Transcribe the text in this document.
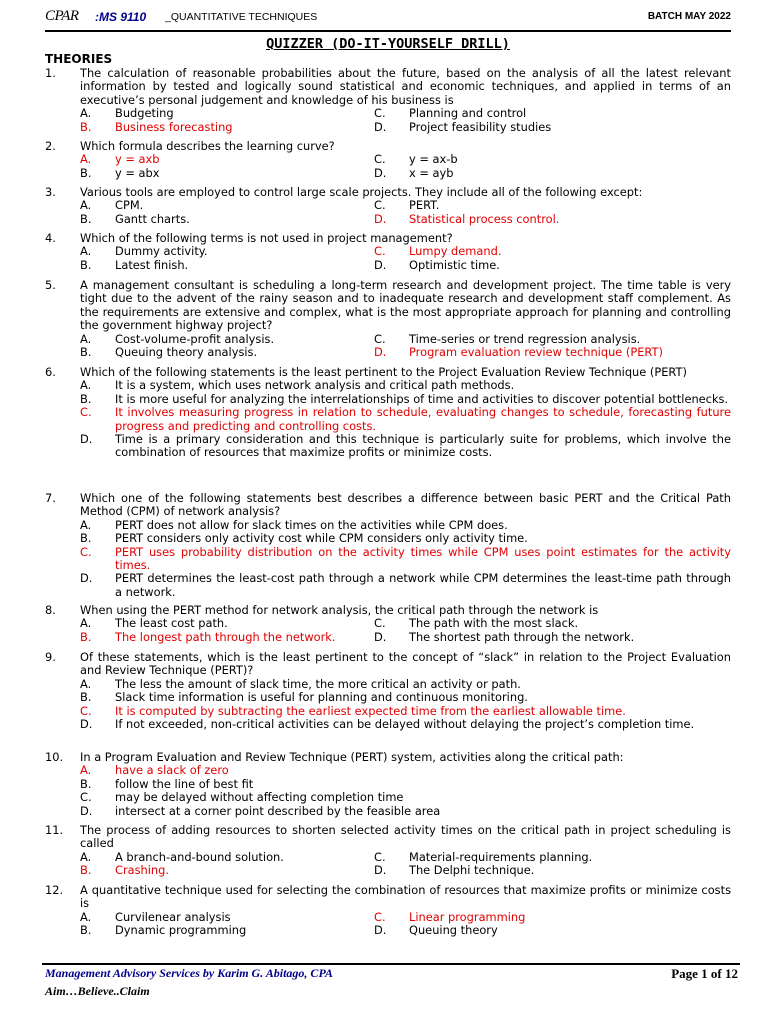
CPAR :MS 9110 _QUANTITATIVE TECHNIQUES	BATCH MAY 2022
QUIZZER (DO-IT-YOURSELF DRILL)
THEORIES
1. The calculation of reasonable probabilities about the future, based on the analysis of all the latest relevant information by tested and logically sound statistical and economic techniques, and applied in terms of an executive’s personal judgement and knowledge of his business is
A. Budgeting	C. Planning and control
B. Business forecasting	D. Project feasibility studies
2. Which formula describes the learning curve?
A. y = axb	C. y = ax-b
B. y = abx	D. x = ayb
3. Various tools are employed to control large scale projects. They include all of the following except:
A. CPM.	C. PERT.
B. Gantt charts.	D. Statistical process control.
4. Which of the following terms is not used in project management?
A. Dummy activity.	C. Lumpy demand.
B. Latest finish.	D. Optimistic time.
5. A management consultant is scheduling a long-term research and development project. The time table is very tight due to the advent of the rainy season and to inadequate research and development staff complement. As the requirements are extensive and complex, what is the most appropriate approach for planning and controlling the government highway project?
A. Cost-volume-profit analysis.	C. Time-series or trend regression analysis.
B. Queuing theory analysis.	D. Program evaluation review technique (PERT)
6. Which of the following statements is the least pertinent to the Project Evaluation Review Technique (PERT)
A. It is a system, which uses network analysis and critical path methods.
B. It is more useful for analyzing the interrelationships of time and activities to discover potential bottlenecks.
C. It involves measuring progress in relation to schedule, evaluating changes to schedule, forecasting future progress and predicting and controlling costs.
D. Time is a primary consideration and this technique is particularly suite for problems, which involve the combination of resources that maximize profits or minimize costs.
7. Which one of the following statements best describes a difference between basic PERT and the Critical Path Method (CPM) of network analysis?
A. PERT does not allow for slack times on the activities while CPM does.
B. PERT considers only activity cost while CPM considers only activity time.
C. PERT uses probability distribution on the activity times while CPM uses point estimates for the activity times.
D. PERT determines the least-cost path through a network while CPM determines the least-time path through a network.
8. When using the PERT method for network analysis, the critical path through the network is
A. The least cost path.	C. The path with the most slack.
B. The longest path through the network.	D. The shortest path through the network.
9. Of these statements, which is the least pertinent to the concept of “slack” in relation to the Project Evaluation and Review Technique (PERT)?
A. The less the amount of slack time, the more critical an activity or path.
B. Slack time information is useful for planning and continuous monitoring.
C. It is computed by subtracting the earliest expected time from the earliest allowable time.
D. If not exceeded, non-critical activities can be delayed without delaying the project’s completion time.
10. In a Program Evaluation and Review Technique (PERT) system, activities along the critical path:
A. have a slack of zero
B. follow the line of best fit
C. may be delayed without affecting completion time
D. intersect at a corner point described by the feasible area
11. The process of adding resources to shorten selected activity times on the critical path in project scheduling is called
A. A branch-and-bound solution.	C. Material-requirements planning.
B. Crashing.	D. The Delphi technique.
12. A quantitative technique used for selecting the combination of resources that maximize profits or minimize costs is
A. Curvilenear analysis	C. Linear programming
B. Dynamic programming	D. Queuing theory
Management Advisory Services by Karim G. Abitago, CPA
Aim…Believe..Claim
Page 1 of 12
